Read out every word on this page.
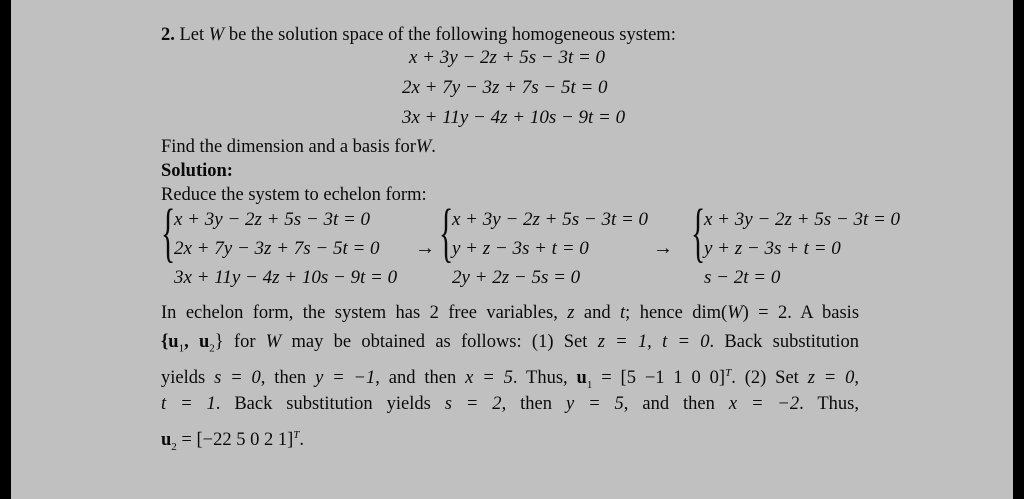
2. Let W be the solution space of the following homogeneous system:
x + 3y − 2z + 5s − 3t = 0
2x + 7y − 3z + 7s − 5t = 0
3x + 11y − 4z + 10s − 9t = 0
Find the dimension and a basis forW.
Solution:
Reduce the system to echelon form:
{
x + 3y − 2z + 5s − 3t = 0
2x + 7y − 3z + 7s − 5t = 0
3x + 11y − 4z + 10s − 9t = 0
→ {
x + 3y − 2z + 5s − 3t = 0
y + z − 3s + t = 0
2y + 2z − 5s = 0
→ {
x + 3y − 2z + 5s − 3t = 0
y + z − 3s + t = 0
s − 2t = 0
In echelon form, the system has 2 free variables, z and t; hence dim(W) = 2. A basis
{$u_1$, $u_2$} for W may be obtained as follows: (1) Set z = 1, t = 0. Back substitution
yields s = 0, then y = −1, and then x = 5. Thus, $u_1 = [5 -1$ 1 0 0]$^T$. (2) Set z = 0,
t = 1. Back substitution yields s = 2, then y = 5, and then x = −2. Thus,
$u_2 = [-22$ 5 0 2 1]$^T$.
